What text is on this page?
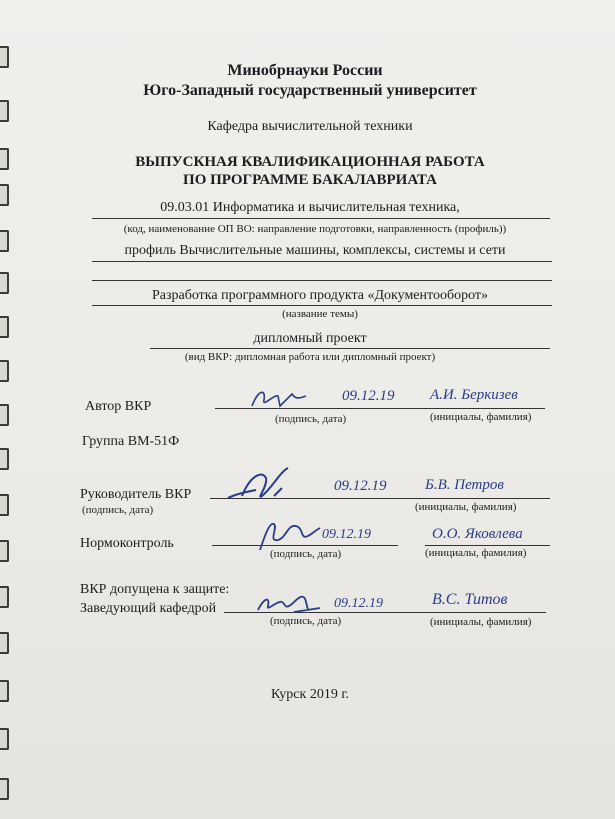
Минобрнауки России
Юго-Западный государственный университет
Кафедра вычислительной техники
ВЫПУСКНАЯ КВАЛИФИКАЦИОННАЯ РАБОТА
ПО ПРОГРАММЕ БАКАЛАВРИАТА
09.03.01 Информатика и вычислительная техника,
(код, наименование ОП ВО: направление подготовки, направленность (профиль))
профиль Вычислительные машины, комплексы, системы и сети
Разработка программного продукта «Документооборот»
(название темы)
дипломный проект
(вид ВКР: дипломная работа или дипломный проект)
Автор ВКР
09.12.19 А.И. Беркизев
(подпись, дата)	(инициалы, фамилия)
Группа ВМ-51Ф
Руководитель ВКР
09.12.19	Б.В. Петров
(подпись, дата)	(инициалы, фамилия)
Нормоконтроль
09.12.19	О.О. Яковлева
(подпись, дата)	(инициалы, фамилия)
ВКР допущена к защите:
Заведующий кафедрой	09.12.19	В.С. Титов
(подпись, дата)	(инициалы, фамилия)
Курск 2019 г.
